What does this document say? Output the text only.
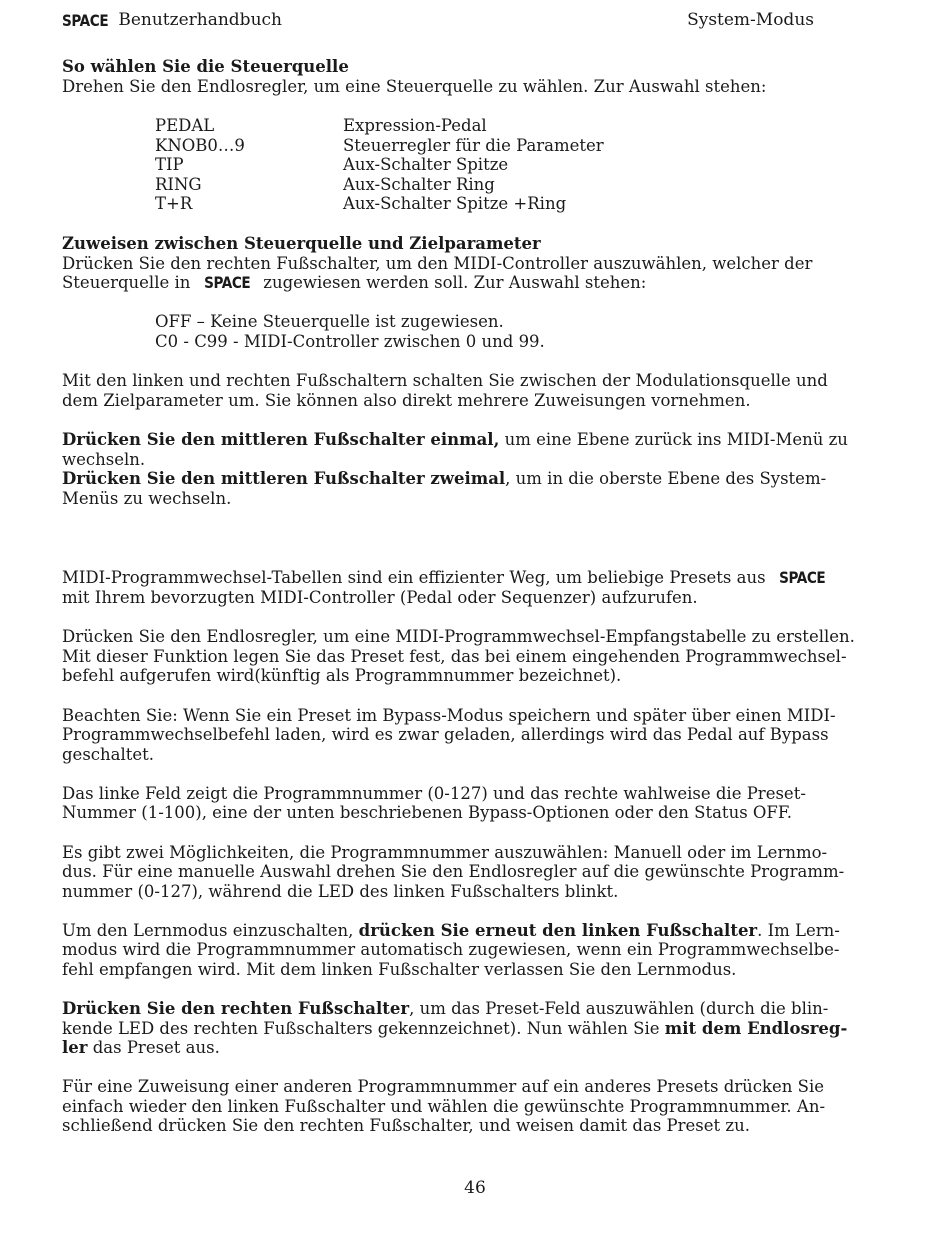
SPACE Benutzerhandbuch	System-Modus
So wählen Sie die Steuerquelle
Drehen Sie den Endlosregler, um eine Steuerquelle zu wählen. Zur Auswahl stehen:
PEDAL	Expression-Pedal
KNOB0…9	Steuerregler für die Parameter
TIP	Aux-Schalter Spitze
RING	Aux-Schalter Ring
T+R	Aux-Schalter Spitze +Ring
Zuweisen zwischen Steuerquelle und Zielparameter
Drücken Sie den rechten Fußschalter, um den MIDI-Controller auszuwählen, welcher der
Steuerquelle in SPACE zugewiesen werden soll. Zur Auswahl stehen:
OFF – Keine Steuerquelle ist zugewiesen.
C0 - C99 - MIDI-Controller zwischen 0 und 99.
Mit den linken und rechten Fußschaltern schalten Sie zwischen der Modulationsquelle und
dem Zielparameter um. Sie können also direkt mehrere Zuweisungen vornehmen.
Drücken Sie den mittleren Fußschalter einmal, um eine Ebene zurück ins MIDI-Menü zu
wechseln.
Drücken Sie den mittleren Fußschalter zweimal, um in die oberste Ebene des System-
Menüs zu wechseln.
MIDI-Programmwechsel-Tabellen sind ein effizienter Weg, um beliebige Presets aus SPACE
mit Ihrem bevorzugten MIDI-Controller (Pedal oder Sequenzer) aufzurufen.
Drücken Sie den Endlosregler, um eine MIDI-Programmwechsel-Empfangstabelle zu erstellen.
Mit dieser Funktion legen Sie das Preset fest, das bei einem eingehenden Programmwechsel-
befehl aufgerufen wird(künftig als Programmnummer bezeichnet).
Beachten Sie: Wenn Sie ein Preset im Bypass-Modus speichern und später über einen MIDI-
Programmwechselbefehl laden, wird es zwar geladen, allerdings wird das Pedal auf Bypass
geschaltet.
Das linke Feld zeigt die Programmnummer (0-127) und das rechte wahlweise die Preset-
Nummer (1-100), eine der unten beschriebenen Bypass-Optionen oder den Status OFF.
Es gibt zwei Möglichkeiten, die Programmnummer auszuwählen: Manuell oder im Lernmo-
dus. Für eine manuelle Auswahl drehen Sie den Endlosregler auf die gewünschte Programm-
nummer (0-127), während die LED des linken Fußschalters blinkt.
Um den Lernmodus einzuschalten, drücken Sie erneut den linken Fußschalter. Im Lern-
modus wird die Programmnummer automatisch zugewiesen, wenn ein Programmwechselbe-
fehl empfangen wird. Mit dem linken Fußschalter verlassen Sie den Lernmodus.
Drücken Sie den rechten Fußschalter, um das Preset-Feld auszuwählen (durch die blin-
kende LED des rechten Fußschalters gekennzeichnet). Nun wählen Sie mit dem Endlosreg-
ler das Preset aus.
Für eine Zuweisung einer anderen Programmnummer auf ein anderes Presets drücken Sie
einfach wieder den linken Fußschalter und wählen die gewünschte Programmnummer. An-
schließend drücken Sie den rechten Fußschalter, und weisen damit das Preset zu.
46
